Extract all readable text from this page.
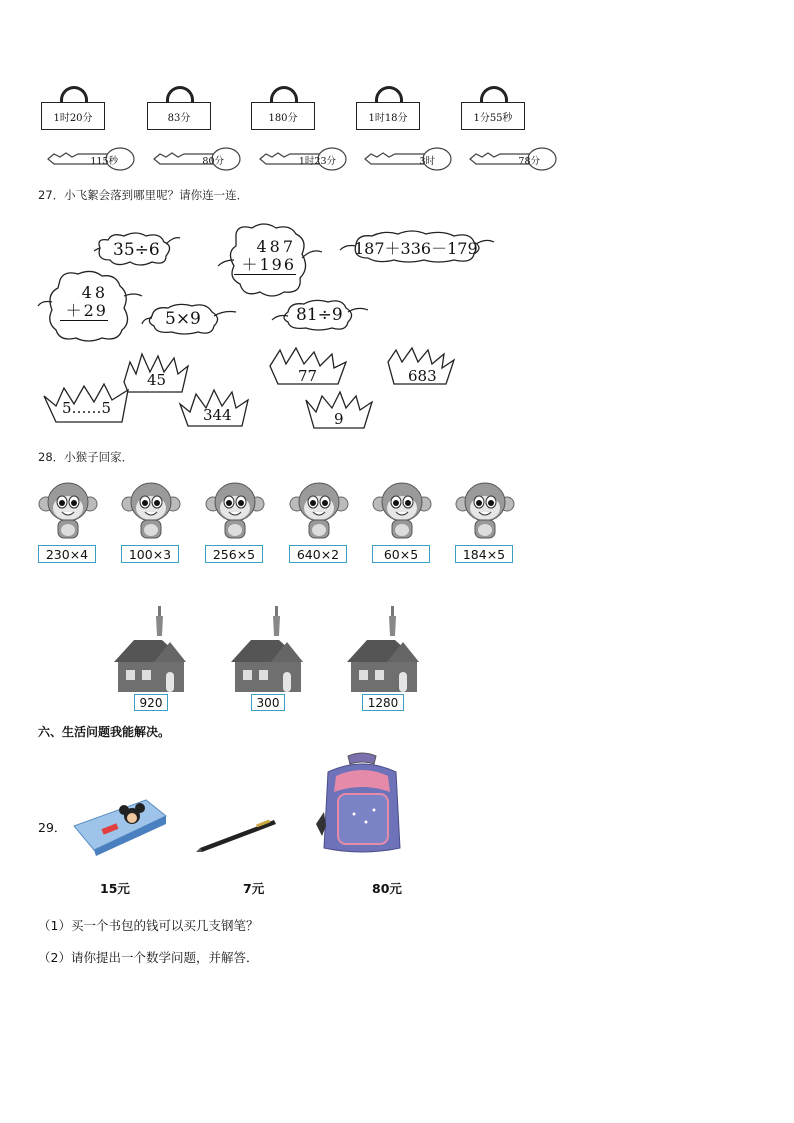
1时20分	83分	180分	1时18分	1分55秒
115秒	80分	1时23分	3时	78分
27．小飞絮会落到哪里呢？请你连一连．
35÷6	487
＋196
187＋336－179
48
＋29	5×9	81÷9
45	77	683
5……5	344	9
28．小猴子回家．
230×4	100×3	256×5	640×2	60×5	184×5
920	300	1280
六、生活问题我能解决。
29．
15元	7元	80元
（1）买一个书包的钱可以买几支钢笔？
（2）请你提出一个数学问题，并解答．
